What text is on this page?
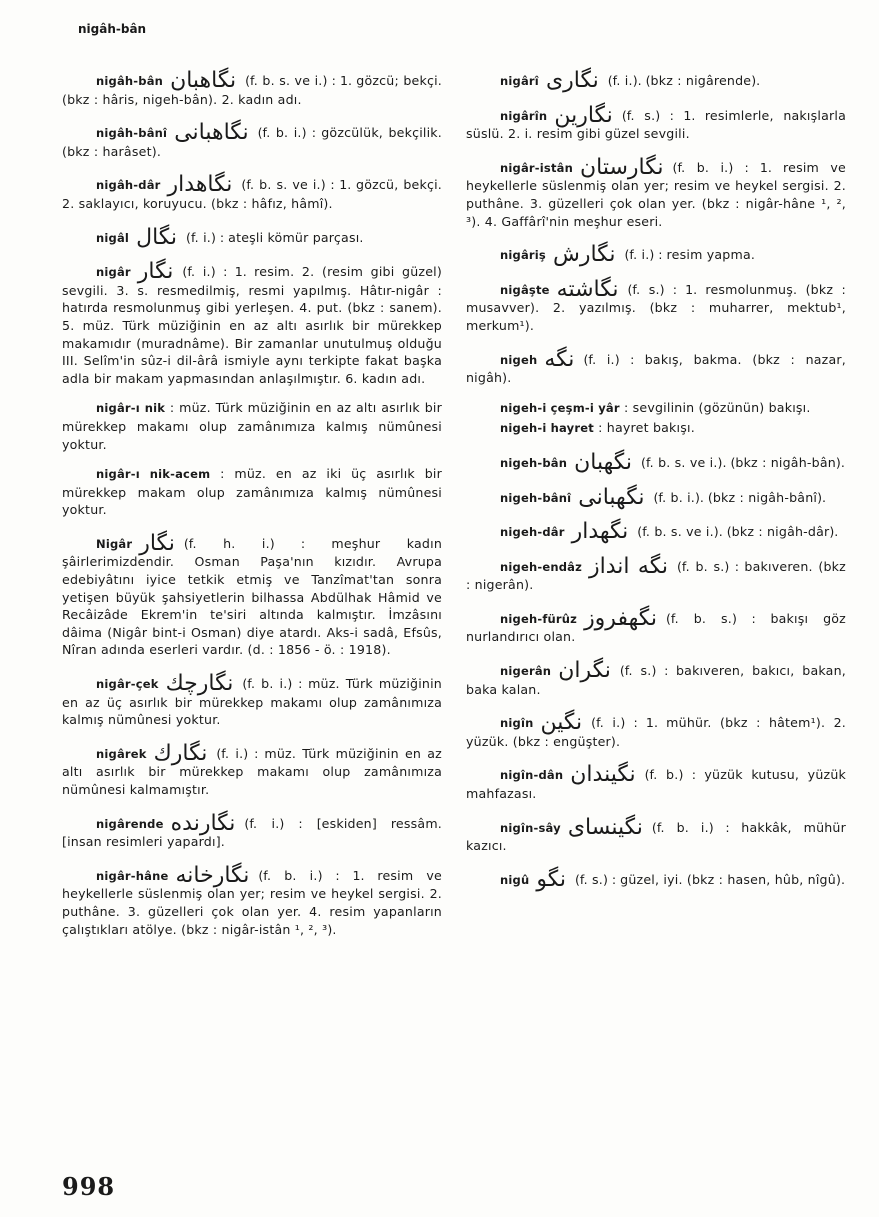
nigâh-bân

nigâh-bân نگاهبان (f. b. s. ve i.) : 1. gözcü; bekçi. (bkz : hâris, nigeh-bân). 2. kadın adı.

nigâh-bânî نگاهبانی (f. b. i.) : gözcülük, bekçilik. (bkz : harâset).

nigâh-dâr نگاهدار (f. b. s. ve i.) : 1. gözcü, bekçi. 2. saklayıcı, koruyucu. (bkz : hâfız, hâmî).

nigâl نگال (f. i.) : ateşli kömür parçası.

nigâr نگار (f. i.) : 1. resim. 2. (resim gibi güzel) sevgili. 3. s. resmedilmiş, resmi yapılmış. Hâtır-nigâr : hatırda resmolunmuş gibi yerleşen. 4. put. (bkz : sanem). 5. müz. Türk müziğinin en az altı asırlık bir mürekkep makamıdır (muradnâme). Bir zamanlar unutulmuş olduğu III. Selîm'in sûz-i dil-ârâ ismiyle aynı terkipte fakat başka adla bir makam yapmasından anlaşılmıştır. 6. kadın adı.

nigâr-ı nik : müz. Türk müziğinin en az altı asırlık bir mürekkep makamı olup zamânımıza kalmış nümûnesi yoktur.

nigâr-ı nik-acem : müz. en az iki üç asırlık bir mürekkep makam olup zamânımıza kalmış nümûnesi yoktur.

Nigâr نگار (f. h. i.) : meşhur kadın şâirlerimizdendir. Osman Paşa'nın kızıdır. Avrupa edebiyâtını iyice tetkik etmiş ve Tanzîmat'tan sonra yetişen büyük şahsiyetlerin bilhassa Abdülhak Hâmid ve Recâizâde Ekrem'in te'siri altında kalmıştır. İmzâsını dâima (Nigâr bint-i Osman) diye atardı. Aks-i sadâ, Efsûs, Nîran adında eserleri vardır. (d. : 1856 - ö. : 1918).

nigâr-çek نگارچك (f. b. i.) : müz. Türk müziğinin en az üç asırlık bir mürekkep makamı olup zamânımıza kalmış nümûnesi yoktur.

nigârek نگارك (f. i.) : müz. Türk müziğinin en az altı asırlık bir mürekkep makamı olup zamânımıza nümûnesi kalmamıştır.

nigârende نگارنده (f. i.) : [eskiden] ressâm. [insan resimleri yapardı].

nigâr-hâne نگارخانه (f. b. i.) : 1. resim ve heykellerle süslenmiş olan yer; resim ve heykel sergisi. 2. puthâne. 3. güzelleri çok olan yer. 4. resim yapanların çalıştıkları atölye. (bkz : nigâr-istân ¹, ², ³).

nigârî نگاری (f. i.). (bkz : nigârende).

nigârîn نگارین (f. s.) : 1. resimlerle, nakışlarla süslü. 2. i. resim gibi güzel sevgili.

nigâr-istân نگارستان (f. b. i.) : 1. resim ve heykellerle süslenmiş olan yer; resim ve heykel sergisi. 2. puthâne. 3. güzelleri çok olan yer. (bkz : nigâr-hâne ¹, ², ³). 4. Gaffârî'nin meşhur eseri.

nigâriş نگارش (f. i.) : resim yapma.

nigâşte نگاشته (f. s.) : 1. resmolunmuş. (bkz : musavver). 2. yazılmış. (bkz : muharrer, mektub¹, merkum¹).

nigeh نگه (f. i.) : bakış, bakma. (bkz : nazar, nigâh).

nigeh-i çeşm-i yâr : sevgilinin (gözünün) bakışı.

nigeh-i hayret : hayret bakışı.

nigeh-bân نگهبان (f. b. s. ve i.). (bkz : nigâh-bân).

nigeh-bânî نگهبانی (f. b. i.). (bkz : nigâh-bânî).

nigeh-dâr نگهدار (f. b. s. ve i.). (bkz : nigâh-dâr).

nigeh-endâz نگه انداز (f. b. s.) : bakıveren. (bkz : nigerân).

nigeh-fürûz نگهفروز (f. b. s.) : bakışı göz nurlandırıcı olan.

nigerân نگران (f. s.) : bakıveren, bakıcı, bakan, baka kalan.

nigîn نگین (f. i.) : 1. mühür. (bkz : hâtem¹). 2. yüzük. (bkz : engüşter).

nigîn-dân نگیندان (f. b.) : yüzük kutusu, yüzük mahfazası.

nigîn-sây نگینسای (f. b. i.) : hakkâk, mühür kazıcı.

nigû نگو (f. s.) : güzel, iyi. (bkz : hasen, hûb, nîgû).

998
